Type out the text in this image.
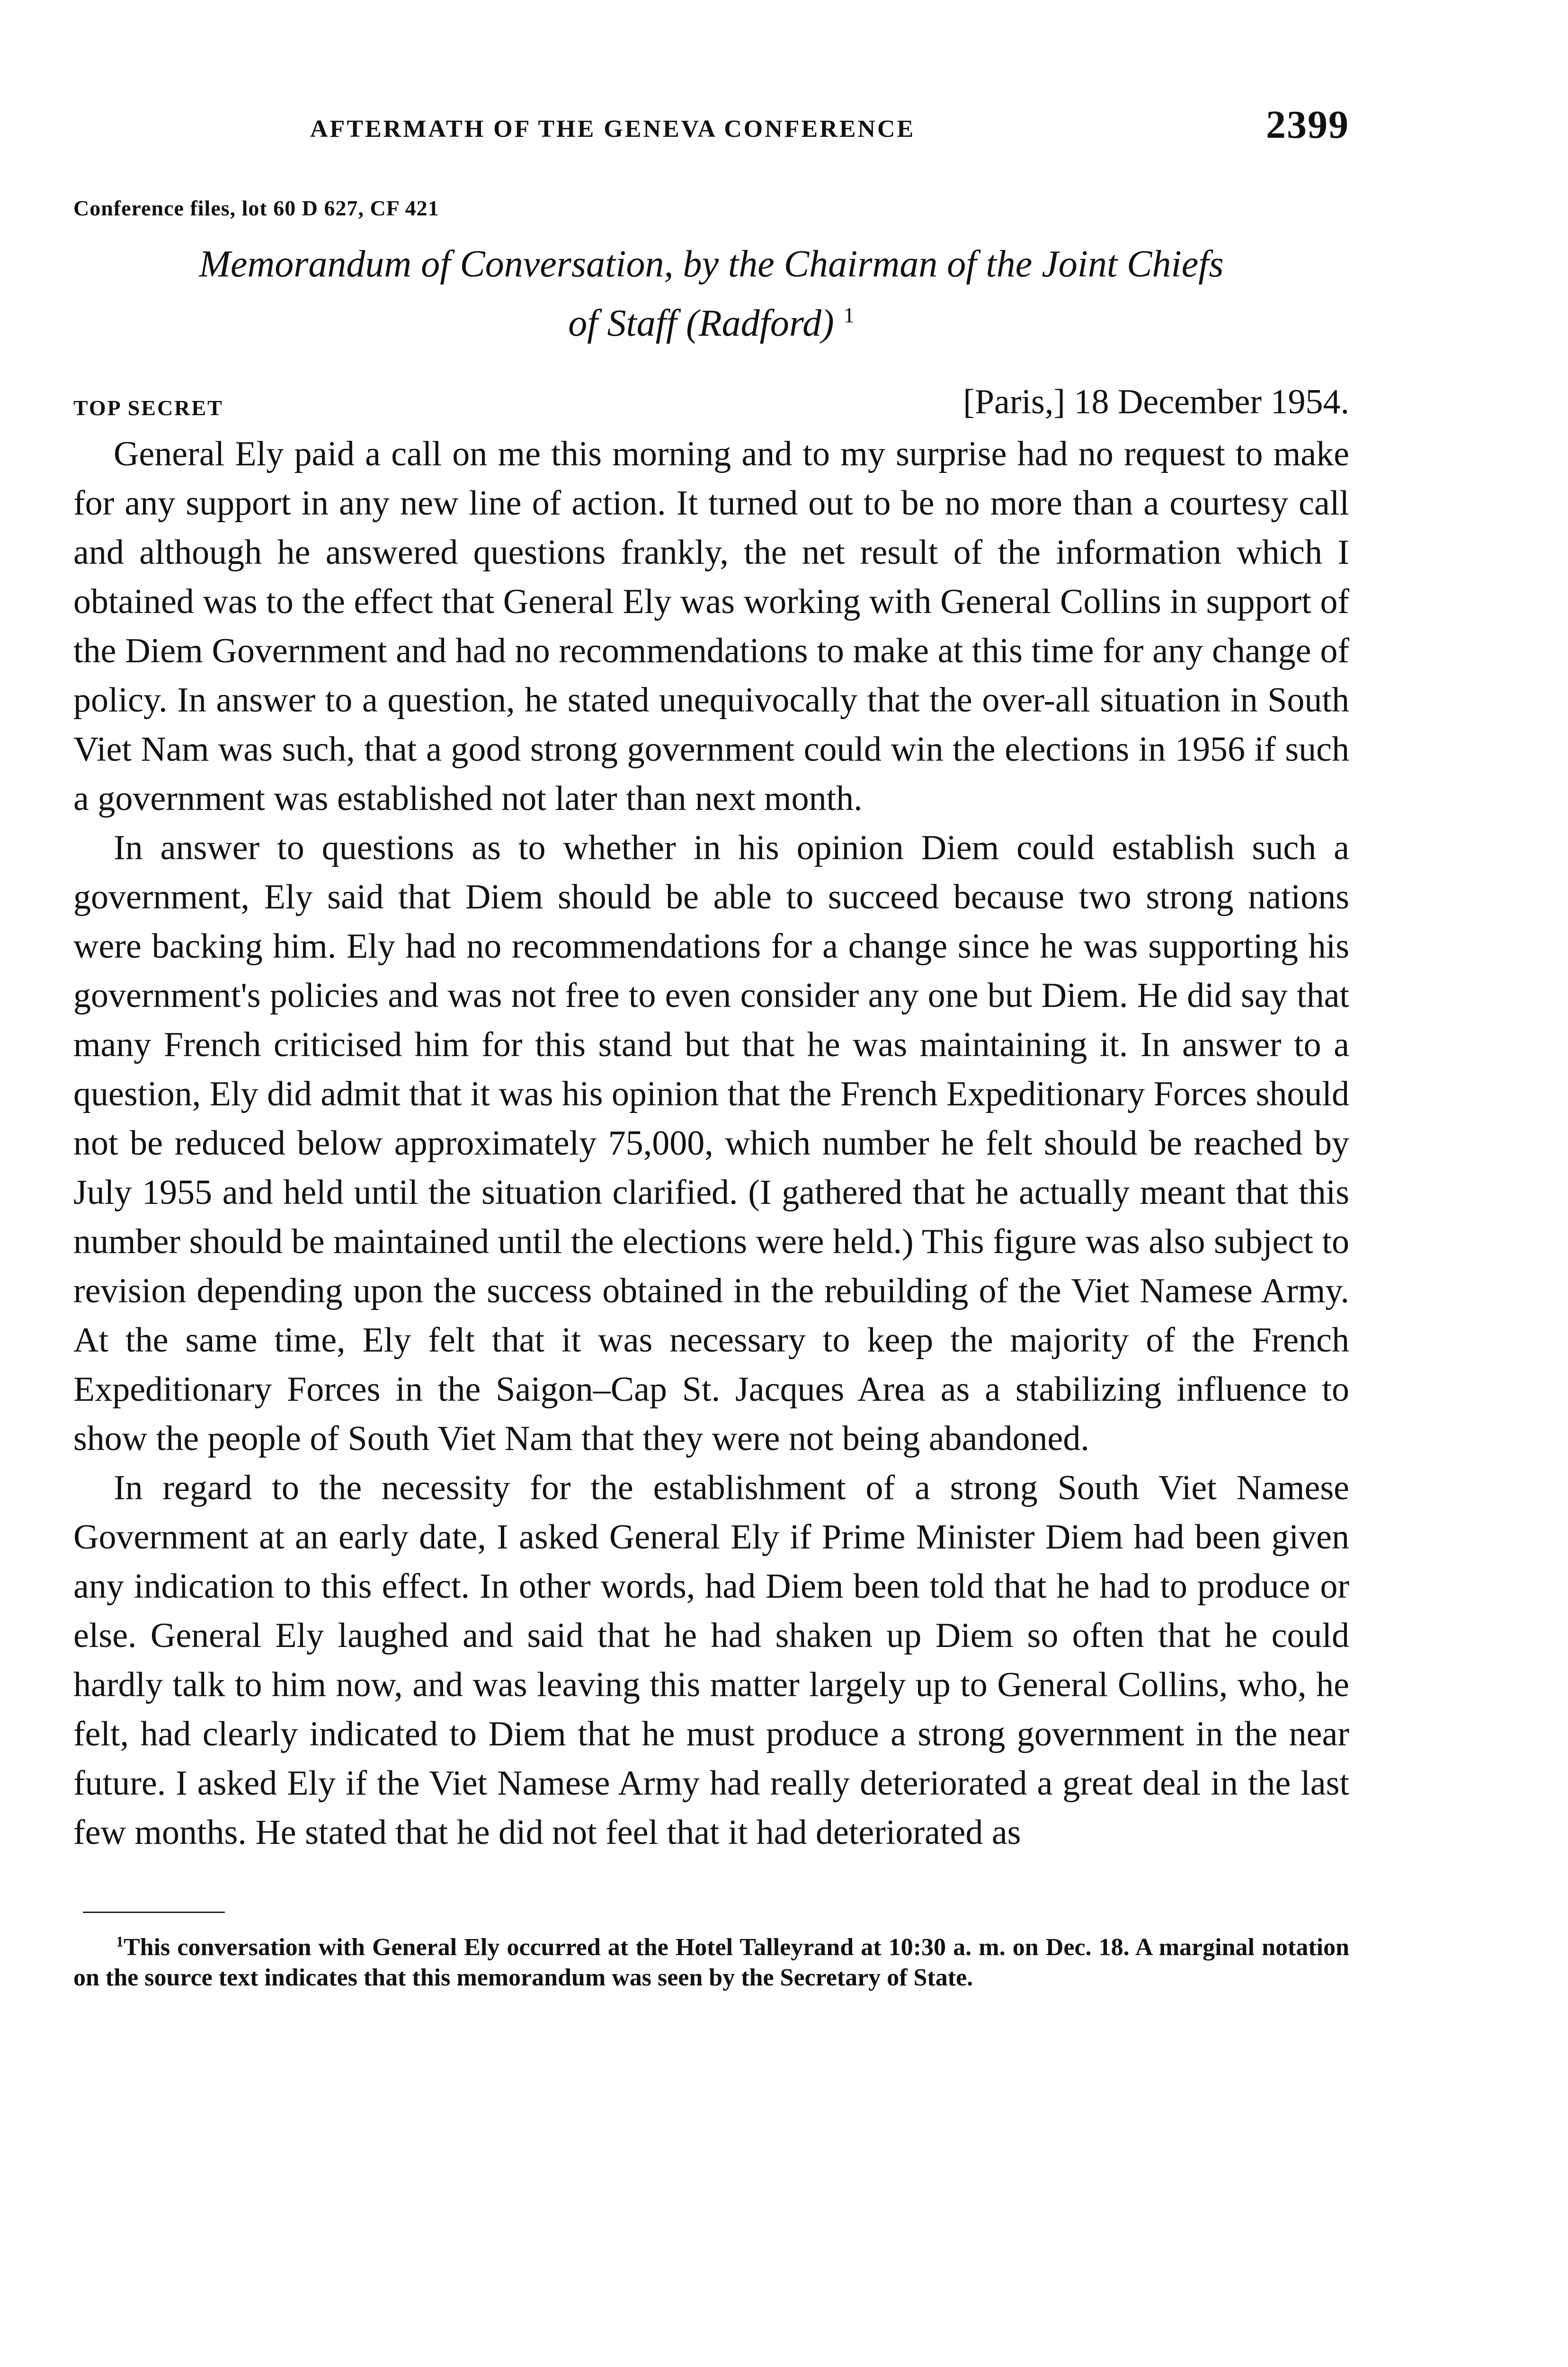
AFTERMATH OF THE GENEVA CONFERENCE	2399
Conference files, lot 60 D 627, CF 421
Memorandum of Conversation, by the Chairman of the Joint Chiefs
of Staff (Radford) $^1$
TOP SECRET	[Paris,] 18 December 1954.

General Ely paid a call on me this morning and to my surprise had no request to make for any support in any new line of action. It turned out to be no more than a courtesy call and although he answered questions frankly, the net result of the information which I obtained was to the effect that General Ely was working with General Collins in support of the Diem Government and had no recommendations to make at this time for any change of policy. In answer to a question, he stated unequivocally that the over-all situation in South Viet Nam was such, that a good strong government could win the elections in 1956 if such a government was established not later than next month.

In answer to questions as to whether in his opinion Diem could establish such a government, Ely said that Diem should be able to succeed because two strong nations were backing him. Ely had no recommendations for a change since he was supporting his government's policies and was not free to even consider any one but Diem. He did say that many French criticised him for this stand but that he was maintaining it. In answer to a question, Ely did admit that it was his opinion that the French Expeditionary Forces should not be reduced below approximately 75,000, which number he felt should be reached by July 1955 and held until the situation clarified. (I gathered that he actually meant that this number should be maintained until the elections were held.) This figure was also subject to revision depending upon the success obtained in the rebuilding of the Viet Namese Army. At the same time, Ely felt that it was necessary to keep the majority of the French Expeditionary Forces in the Saigon–Cap St. Jacques Area as a stabilizing influence to show the people of South Viet Nam that they were not being abandoned.

In regard to the necessity for the establishment of a strong South Viet Namese Government at an early date, I asked General Ely if Prime Minister Diem had been given any indication to this effect. In other words, had Diem been told that he had to produce or else. General Ely laughed and said that he had shaken up Diem so often that he could hardly talk to him now, and was leaving this matter largely up to General Collins, who, he felt, had clearly indicated to Diem that he must produce a strong government in the near future. I asked Ely if the Viet Namese Army had really deteriorated a great deal in the last few months. He stated that he did not feel that it had deteriorated as

$^1$This conversation with General Ely occurred at the Hotel Talleyrand at 10:30 a. m. on Dec. 18. A marginal notation on the source text indicates that this memorandum was seen by the Secretary of State.
